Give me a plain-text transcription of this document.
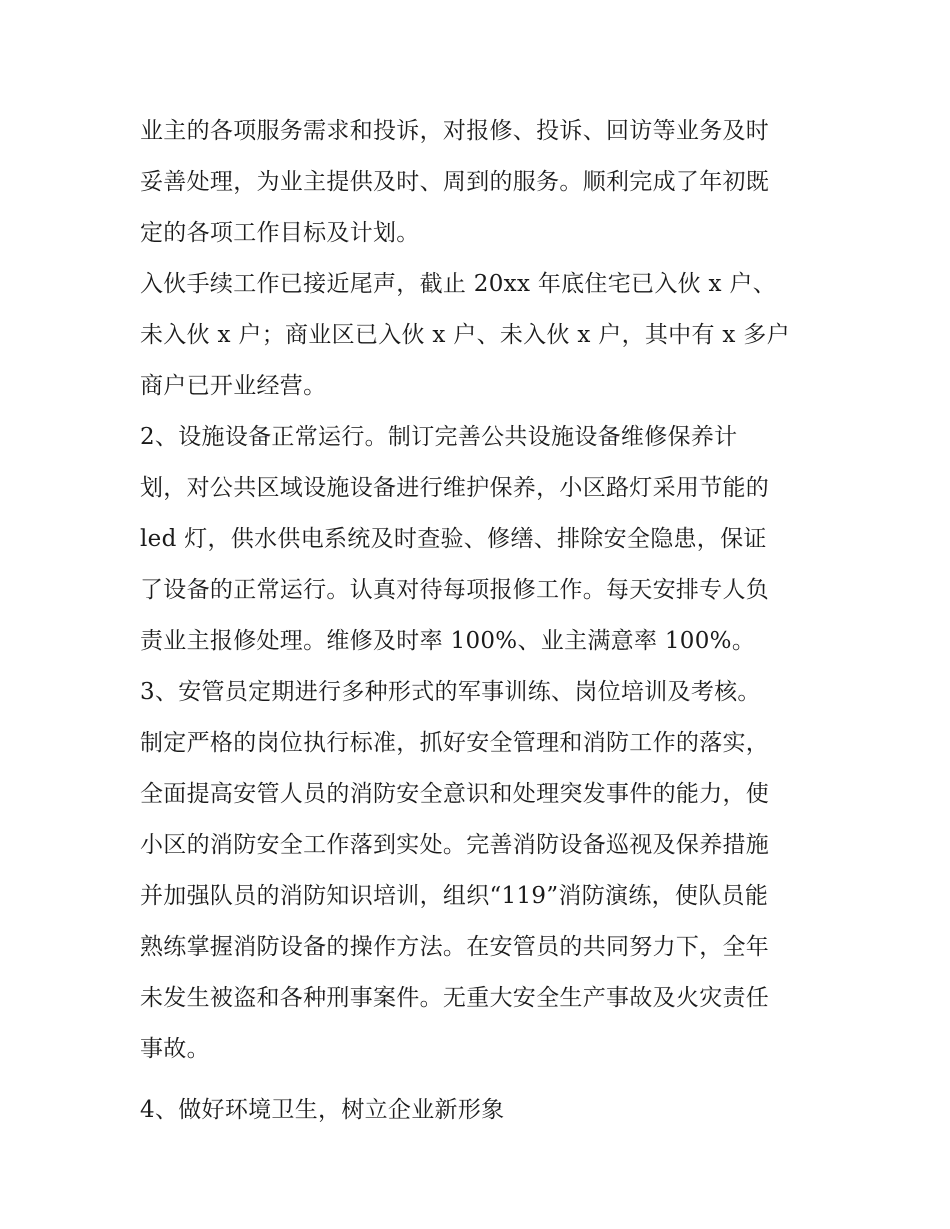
业主的各项服务需求和投诉，对报修、投诉、回访等业务及时
妥善处理，为业主提供及时、周到的服务。顺利完成了年初既
定的各项工作目标及计划。
入伙手续工作已接近尾声，截止 20xx 年底住宅已入伙 x 户、
未入伙 x 户；商业区已入伙 x 户、未入伙 x 户，其中有 x 多户
商户已开业经营。
2、设施设备正常运行。制订完善公共设施设备维修保养计
划，对公共区域设施设备进行维护保养，小区路灯采用节能的
led 灯，供水供电系统及时查验、修缮、排除安全隐患，保证
了设备的正常运行。认真对待每项报修工作。每天安排专人负
责业主报修处理。维修及时率 100%、业主满意率 100%。
3、安管员定期进行多种形式的军事训练、岗位培训及考核。
制定严格的岗位执行标准，抓好安全管理和消防工作的落实，
全面提高安管人员的消防安全意识和处理突发事件的能力，使
小区的消防安全工作落到实处。完善消防设备巡视及保养措施
并加强队员的消防知识培训，组织“119”消防演练，使队员能
熟练掌握消防设备的操作方法。在安管员的共同努力下，全年
未发生被盗和各种刑事案件。无重大安全生产事故及火灾责任
事故。
4、做好环境卫生，树立企业新形象
